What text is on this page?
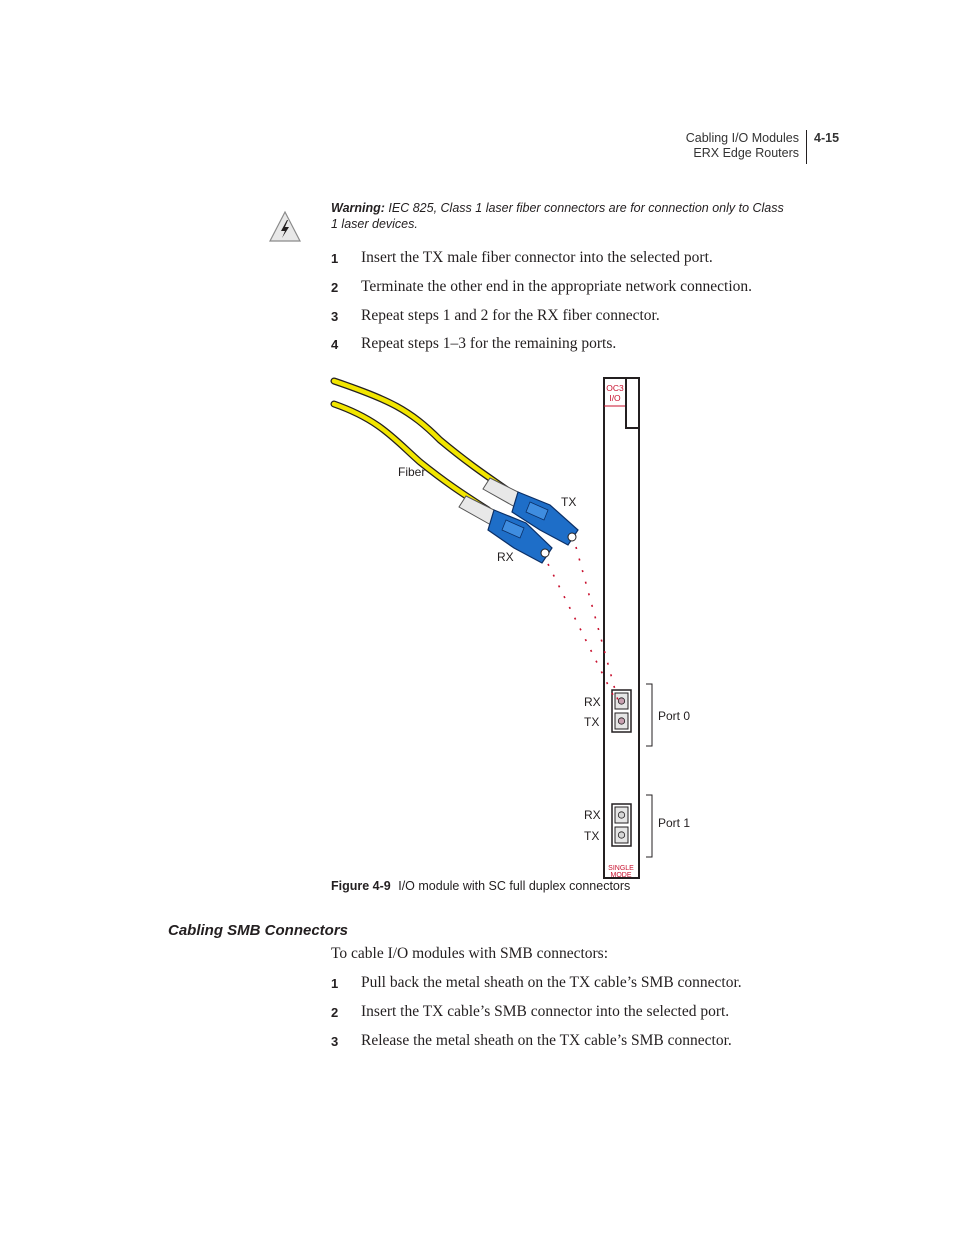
Cabling I/O Modules
ERX Edge Routers
4-15
Warning: IEC 825, Class 1 laser fiber connectors are for connection only to Class 1 laser devices.
1 Insert the TX male fiber connector into the selected port.
2 Terminate the other end in the appropriate network connection.
3 Repeat steps 1 and 2 for the RX fiber connector.
4 Repeat steps 1–3 for the remaining ports.
OC3
I/O
SINGLE
MODE
Fiber
TX
RX
RX
TX	Port 0
RX
TX
Port 1
Figure 4-9 I/O module with SC full duplex connectors
Cabling SMB Connectors
To cable I/O modules with SMB connectors:
1 Pull back the metal sheath on the TX cable’s SMB connector.
2 Insert the TX cable’s SMB connector into the selected port.
3 Release the metal sheath on the TX cable’s SMB connector.
